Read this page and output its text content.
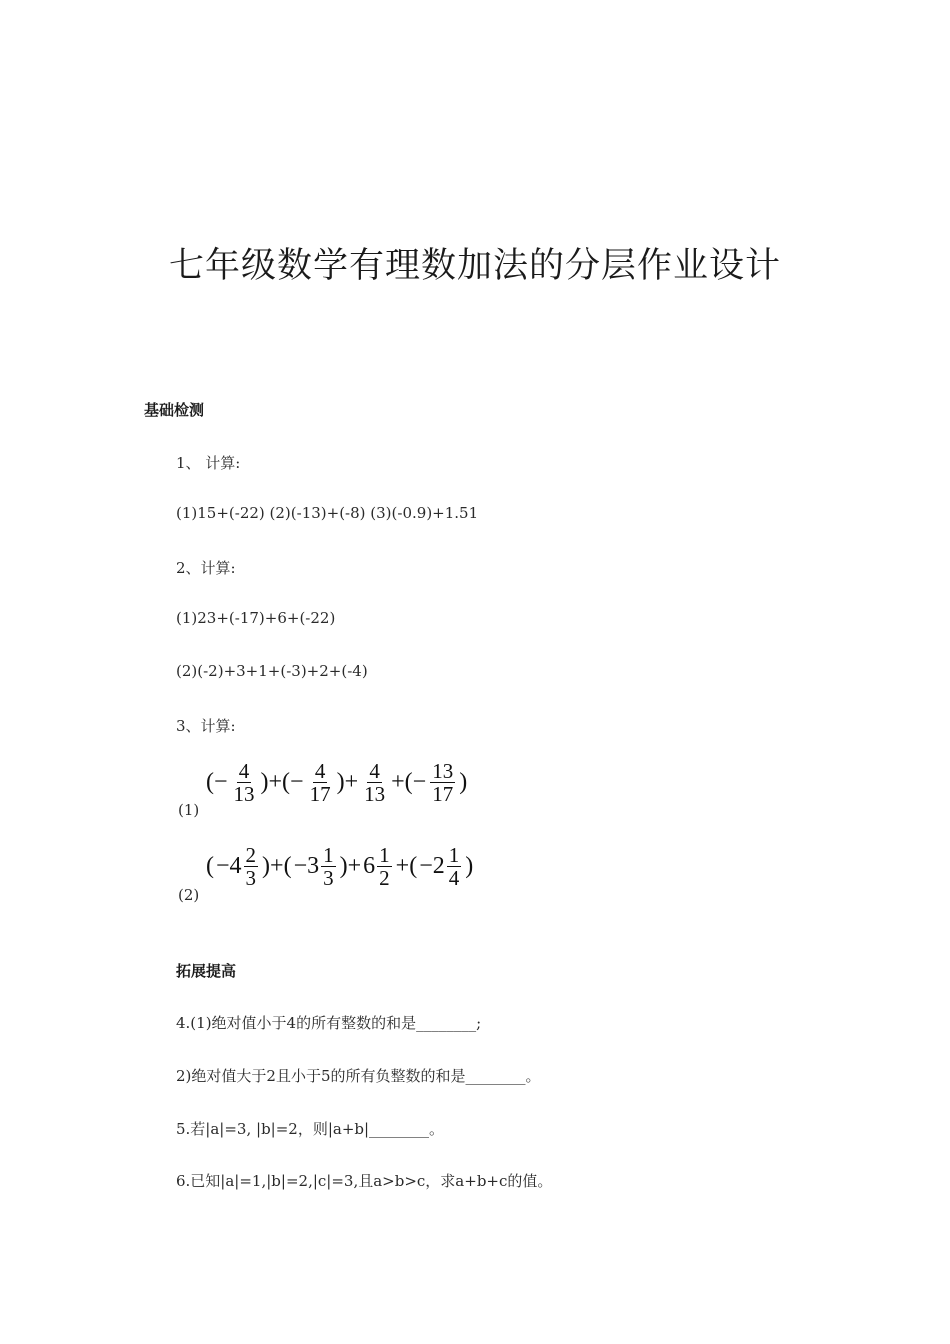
七年级数学有理数加法的分层作业设计
基础检测
1、 计算:
(1)15+(-22) (2)(-13)+(-8) (3)(-0.9)+1.51
2、计算:
(1)23+(-17)+6+(-22)
(2)(-2)+3+1+(-3)+2+(-4)
3、计算:
(1)
(− $\frac{4}{13}$ )+(− $\frac{4}{17}$ )+ $\frac{4}{13}$ +(− $\frac{13}{17}$ )
(2)
( $-4 \frac{2}{3}$ )+( $-3 \frac{1}{3}$ )+ $6 \frac{1}{2}$ +( $-2 \frac{1}{4}$ )
拓展提高
4.(1)绝对值小于4的所有整数的和是________;
2)绝对值大于2且小于5的所有负整数的和是________。
5.若|a|=3, |b|=2，则|a+b|________。
6.已知|a|=1,|b|=2,|c|=3,且a>b>c，求a+b+c的值。
